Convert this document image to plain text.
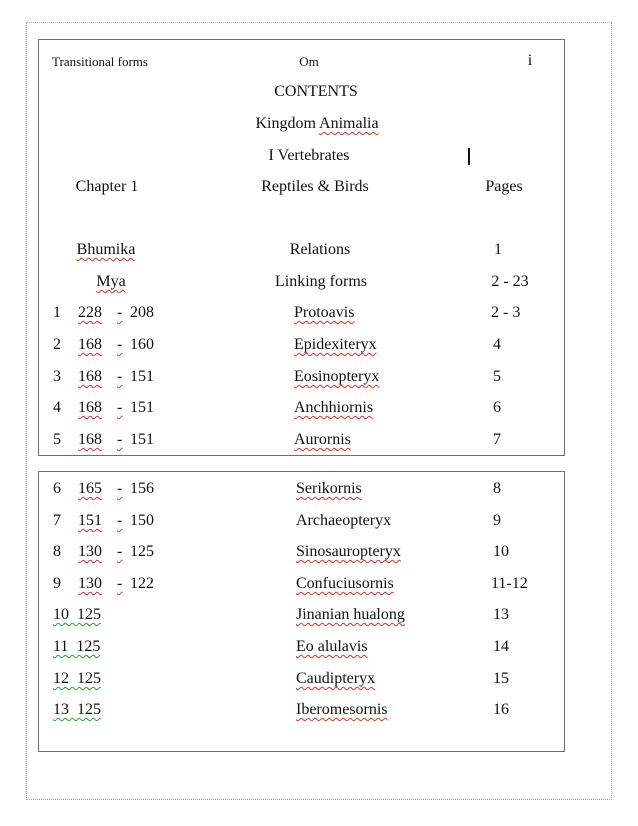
Transitional forms	Om	i
CONTENTS
Kingdom Animalia
I Vertebrates
Chapter 1	Reptiles & Birds	Pages
Bhumika	Relations	1
Mya	Linking forms	2 - 23
1 228 - 208	Protoavis	2 - 3
2 168 - 160	Epidexiteryx	4
3 168 - 151	Eosinopteryx	5
4 168 - 151	Anchhiornis	6
5 168 - 151	Aurornis	7
6 165 - 156	Serikornis	8
7 151 - 150	Archaeopteryx	9
8 130 - 125	Sinosauropteryx	10
9 130 - 122	Confuciusornis	11-12
10 125	Jinanian hualong	13
11 125	Eo alulavis	14
12 125	Caudipteryx	15
13 125	Iberomesornis	16
